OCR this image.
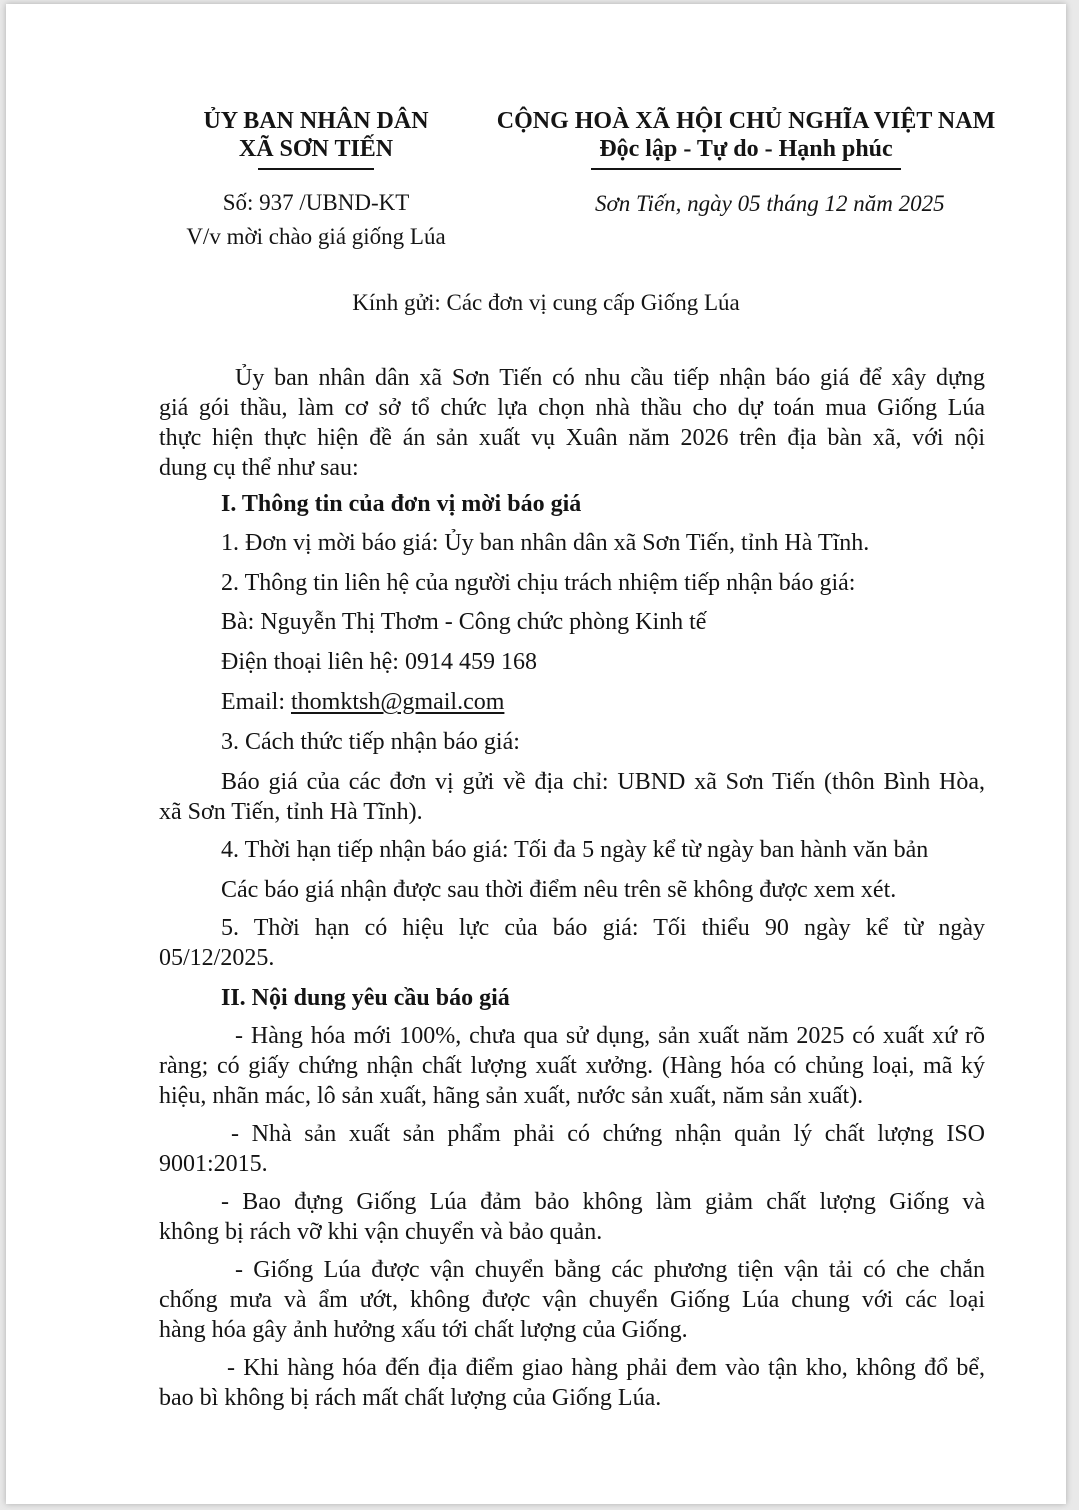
ỦY BAN NHÂN DÂN
XÃ SƠN TIẾN
CỘNG HOÀ XÃ HỘI CHỦ NGHĨA VIỆT NAM
Độc lập - Tự do - Hạnh phúc
Số: 937 /UBND-KT
V/v mời chào giá giống Lúa
Sơn Tiến, ngày 05 tháng 12 năm 2025
Kính gửi: Các đơn vị cung cấp Giống Lúa
Ủy ban nhân dân xã Sơn Tiến có nhu cầu tiếp nhận báo giá để xây dựng
giá gói thầu, làm cơ sở tổ chức lựa chọn nhà thầu cho dự toán mua Giống Lúa
thực hiện thực hiện đề án sản xuất vụ Xuân năm 2026 trên địa bàn xã, với nội
dung cụ thể như sau:
I. Thông tin của đơn vị mời báo giá
1. Đơn vị mời báo giá: Ủy ban nhân dân xã Sơn Tiến, tỉnh Hà Tĩnh.
2. Thông tin liên hệ của người chịu trách nhiệm tiếp nhận báo giá:
Bà: Nguyễn Thị Thơm - Công chức phòng Kinh tế
Điện thoại liên hệ: 0914 459 168
Email: thomktsh@gmail.com
3. Cách thức tiếp nhận báo giá:
Báo giá của các đơn vị gửi về địa chỉ: UBND xã Sơn Tiến (thôn Bình Hòa,
xã Sơn Tiến, tỉnh Hà Tĩnh).
4. Thời hạn tiếp nhận báo giá: Tối đa 5 ngày kể từ ngày ban hành văn bản
Các báo giá nhận được sau thời điểm nêu trên sẽ không được xem xét.
5. Thời hạn có hiệu lực của báo giá: Tối thiểu 90 ngày kể từ ngày
05/12/2025.
II. Nội dung yêu cầu báo giá
- Hàng hóa mới 100%, chưa qua sử dụng, sản xuất năm 2025 có xuất xứ rõ
ràng; có giấy chứng nhận chất lượng xuất xưởng. (Hàng hóa có chủng loại, mã ký
hiệu, nhãn mác, lô sản xuất, hãng sản xuất, nước sản xuất, năm sản xuất).
- Nhà sản xuất sản phẩm phải có chứng nhận quản lý chất lượng ISO
9001:2015.
- Bao đựng Giống Lúa đảm bảo không làm giảm chất lượng Giống và
không bị rách vỡ khi vận chuyển và bảo quản.
- Giống Lúa được vận chuyển bằng các phương tiện vận tải có che chắn
chống mưa và ẩm ướt, không được vận chuyển Giống Lúa chung với các loại
hàng hóa gây ảnh hưởng xấu tới chất lượng của Giống.
- Khi hàng hóa đến địa điểm giao hàng phải đem vào tận kho, không đổ bể,
bao bì không bị rách mất chất lượng của Giống Lúa.
